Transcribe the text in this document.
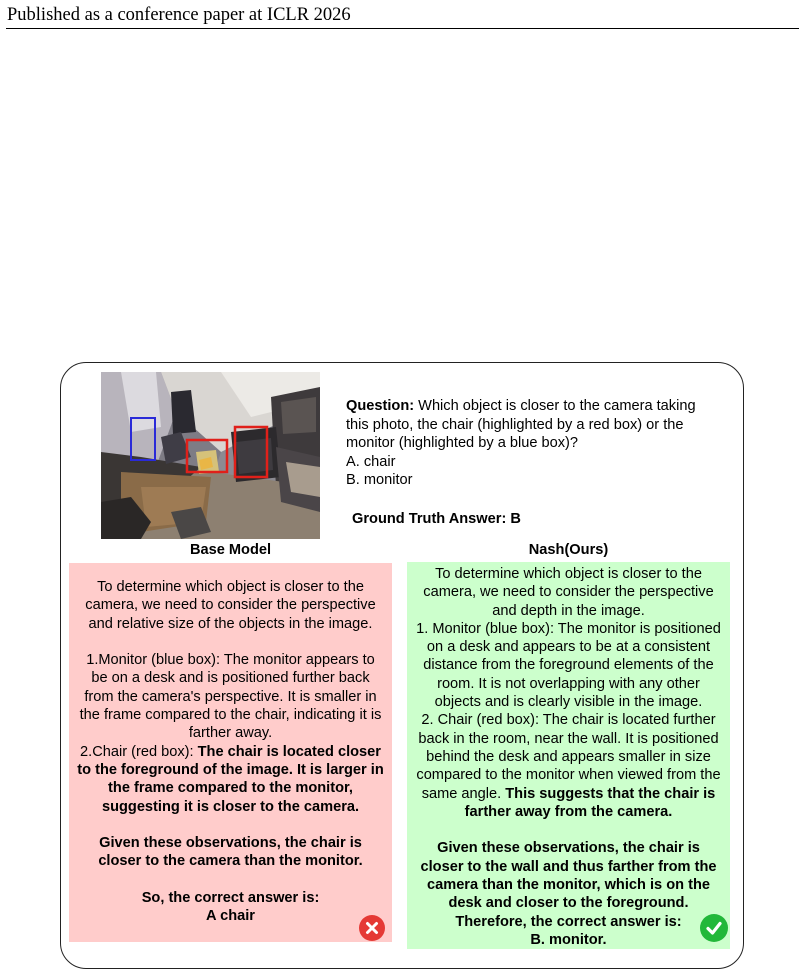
Published as a conference paper at ICLR 2026
Question: Which object is closer to the camera taking
this photo, the chair (highlighted by a red box) or the
monitor (highlighted by a blue box)?
A. chair
B. monitor
Ground Truth Answer: B
Base Model	Nash(Ours)
To determine which object is closer to the
camera, we need to consider the perspective
and relative size of the objects in the image.
1.Monitor (blue box): The monitor appears to
be on a desk and is positioned further back
from the camera's perspective. It is smaller in
the frame compared to the chair, indicating it is
farther away.
2.Chair (red box): The chair is located closer
to the foreground of the image. It is larger in
the frame compared to the monitor,
suggesting it is closer to the camera.
Given these observations, the chair is
closer to the camera than the monitor.
So, the correct answer is:
A chair
To determine which object is closer to the
camera, we need to consider the perspective
and depth in the image.
1. Monitor (blue box): The monitor is positioned
on a desk and appears to be at a consistent
distance from the foreground elements of the
room. It is not overlapping with any other
objects and is clearly visible in the image.
2. Chair (red box): The chair is located further
back in the room, near the wall. It is positioned
behind the desk and appears smaller in size
compared to the monitor when viewed from the
same angle. This suggests that the chair is
farther away from the camera.
Given these observations, the chair is
closer to the wall and thus farther from the
camera than the monitor, which is on the
desk and closer to the foreground.
Therefore, the correct answer is:
B. monitor.
